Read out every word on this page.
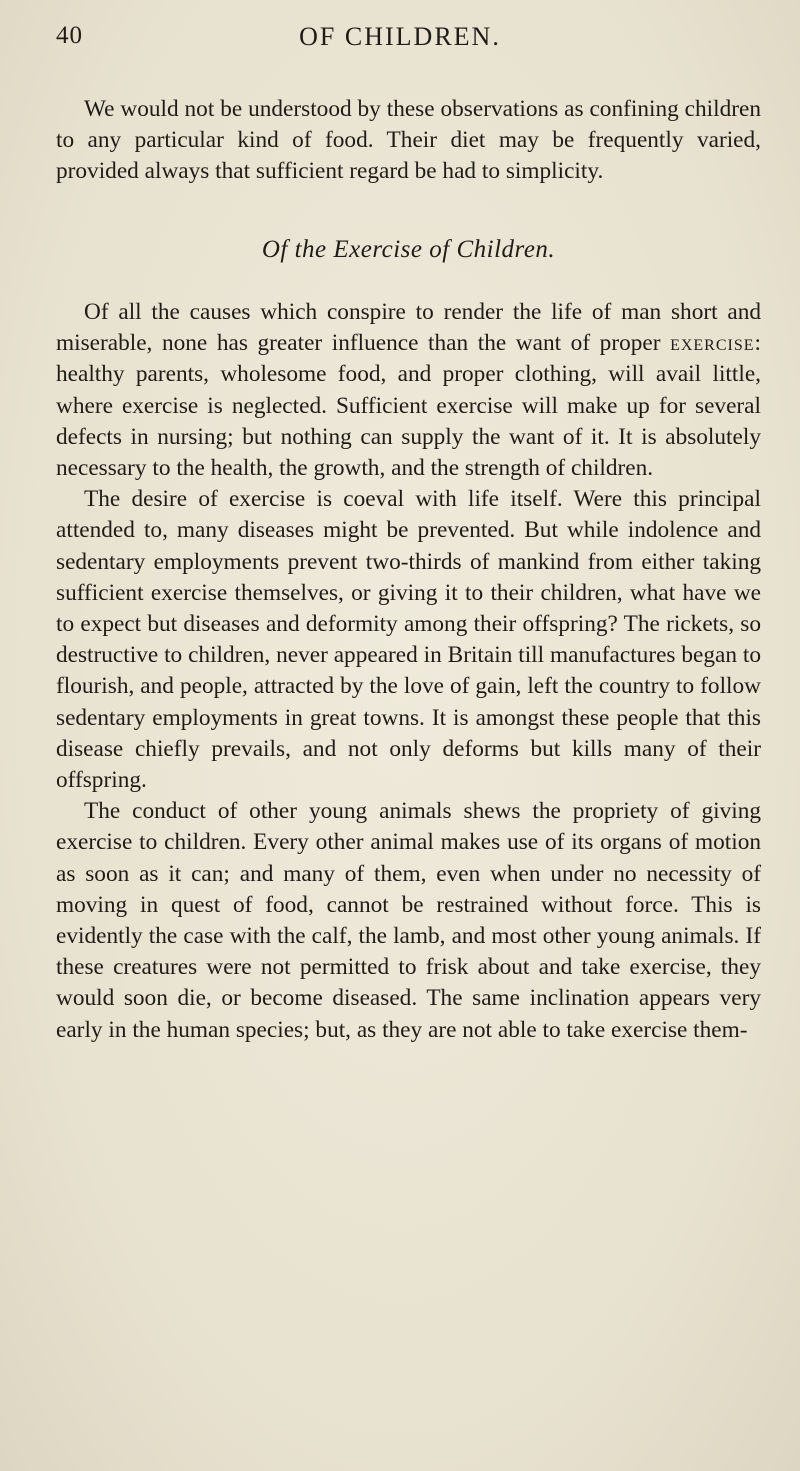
40	OF CHILDREN.

We would not be understood by these observations as confining children to any particular kind of food. Their diet may be frequently varied, provided always that sufficient regard be had to simplicity.

Of the Exercise of Children.

Of all the causes which conspire to render the life of man short and miserable, none has greater influence than the want of proper exercise: healthy parents, wholesome food, and proper clothing, will avail little, where exercise is neglected. Sufficient exercise will make up for several defects in nursing; but nothing can supply the want of it. It is absolutely necessary to the health, the growth, and the strength of children.

The desire of exercise is coeval with life itself. Were this principal attended to, many diseases might be prevented. But while indolence and sedentary employments prevent two-thirds of mankind from either taking sufficient exercise themselves, or giving it to their children, what have we to expect but diseases and deformity among their offspring? The rickets, so destructive to children, never appeared in Britain till manufactures began to flourish, and people, attracted by the love of gain, left the country to follow sedentary employments in great towns. It is amongst these people that this disease chiefly prevails, and not only deforms but kills many of their offspring.

The conduct of other young animals shews the propriety of giving exercise to children. Every other animal makes use of its organs of motion as soon as it can; and many of them, even when under no necessity of moving in quest of food, cannot be restrained without force. This is evidently the case with the calf, the lamb, and most other young animals. If these creatures were not permitted to frisk about and take exercise, they would soon die, or become diseased. The same inclination appears very early in the human species; but, as they are not able to take exercise them-
